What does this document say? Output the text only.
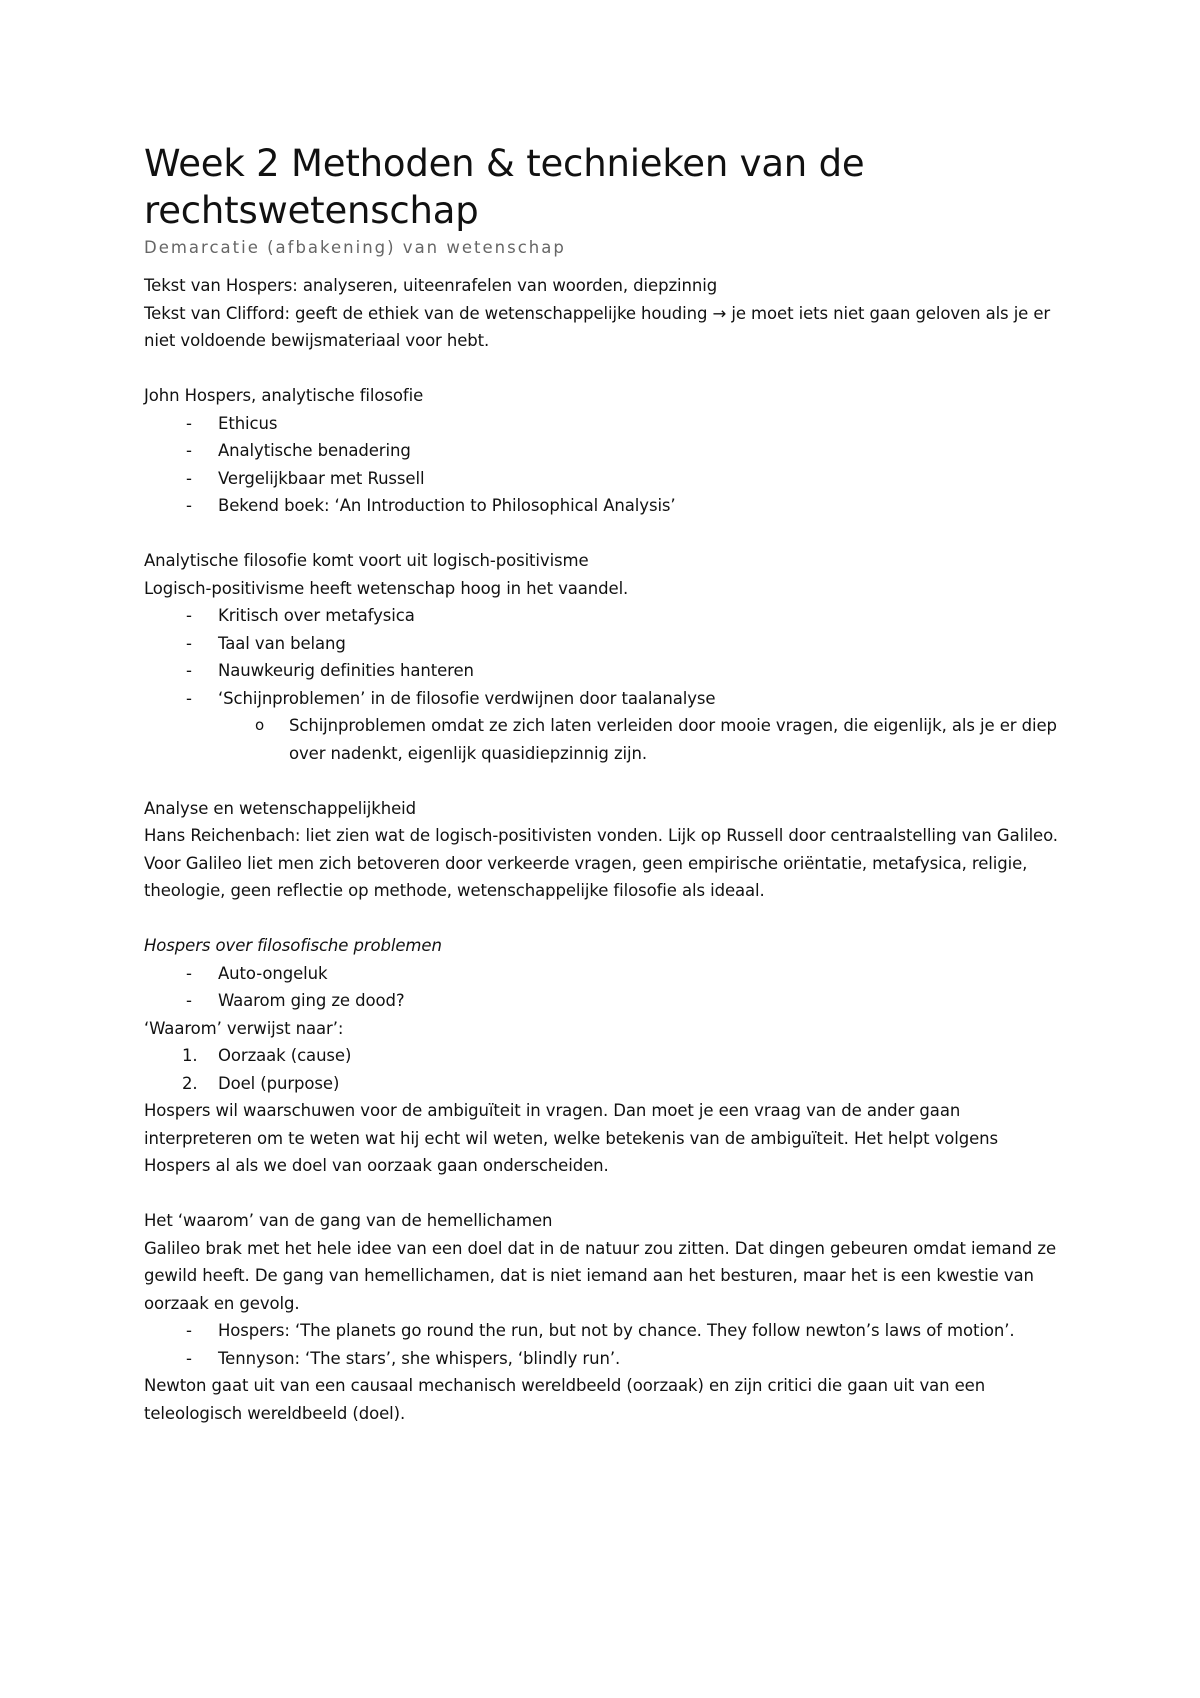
Week 2 Methoden & technieken van de rechtswetenschap

Demarcatie (afbakening) van wetenschap

Tekst van Hospers: analyseren, uiteenrafelen van woorden, diepzinnig

Tekst van Clifford: geeft de ethiek van de wetenschappelijke houding → je moet iets niet gaan geloven als je er niet voldoende bewijsmateriaal voor hebt.

John Hospers, analytische filosofie

-	Ethicus
-	Analytische benadering
-	Vergelijkbaar met Russell
-	Bekend boek: ‘An Introduction to Philosophical Analysis’

Analytische filosofie komt voort uit logisch-positivisme

Logisch-positivisme heeft wetenschap hoog in het vaandel.

-	Kritisch over metafysica
-	Taal van belang
-	Nauwkeurig definities hanteren
-	‘Schijnproblemen’ in de filosofie verdwijnen door taalanalyse
o	Schijnproblemen omdat ze zich laten verleiden door mooie vragen, die eigenlijk, als je er diep over nadenkt, eigenlijk quasidiepzinnig zijn.

Analyse en wetenschappelijkheid

Hans Reichenbach: liet zien wat de logisch-positivisten vonden. Lijk op Russell door centraalstelling van Galileo.

Voor Galileo liet men zich betoveren door verkeerde vragen, geen empirische oriëntatie, metafysica, religie, theologie, geen reflectie op methode, wetenschappelijke filosofie als ideaal.

Hospers over filosofische problemen

-	Auto-ongeluk
-	Waarom ging ze dood?

‘Waarom’ verwijst naar’:

1.	Oorzaak (cause)
2.	Doel (purpose)

Hospers wil waarschuwen voor de ambiguïteit in vragen. Dan moet je een vraag van de ander gaan interpreteren om te weten wat hij echt wil weten, welke betekenis van de ambiguïteit. Het helpt volgens Hospers al als we doel van oorzaak gaan onderscheiden.

Het ‘waarom’ van de gang van de hemellichamen

Galileo brak met het hele idee van een doel dat in de natuur zou zitten. Dat dingen gebeuren omdat iemand ze gewild heeft. De gang van hemellichamen, dat is niet iemand aan het besturen, maar het is een kwestie van oorzaak en gevolg.

-	Hospers: ‘The planets go round the run, but not by chance. They follow newton’s laws of motion’.
-	Tennyson: ‘The stars’, she whispers, ‘blindly run’.

Newton gaat uit van een causaal mechanisch wereldbeeld (oorzaak) en zijn critici die gaan uit van een teleologisch wereldbeeld (doel).
